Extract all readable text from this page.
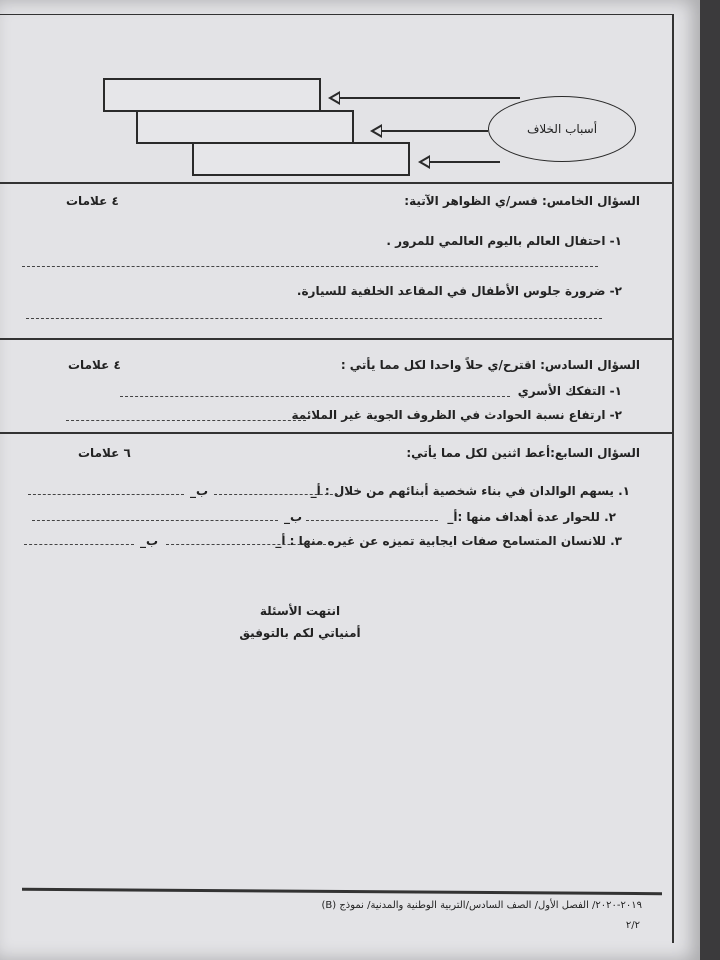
أسباب الخلاف
السؤال الخامس: فسر/ي الظواهر الآتية:
٤ علامات
١- احتفال العالم باليوم العالمي للمرور .
٢- ضرورة جلوس الأطفال في المقاعد الخلفية للسيارة.
السؤال السادس: اقترح/ي حلاً واحدا لكل مما يأتي :
٤ علامات
١- التفكك الأسري
٢- ارتفاع نسبة الحوادث في الظروف الجوية غير الملائمة
السؤال السابع:أعط اثنين لكل مما يأتي:
٦ علامات
١. يسهم الوالدان في بناء شخصية أبنائهم من خلال : أ_
ب_
٢. للحوار عدة أهداف منها :أ_
ب_
٣. للانسان المتسامح صفات ايجابية تميزه عن غيره منها : أ_
ب_
انتهت الأسئلة
أمنياتي لكم بالتوفيق
٢٠١٩-٢٠٢٠/ الفصل الأول/ الصف السادس/التربية الوطنية والمدنية/ نموذج (B)
٢/٢
